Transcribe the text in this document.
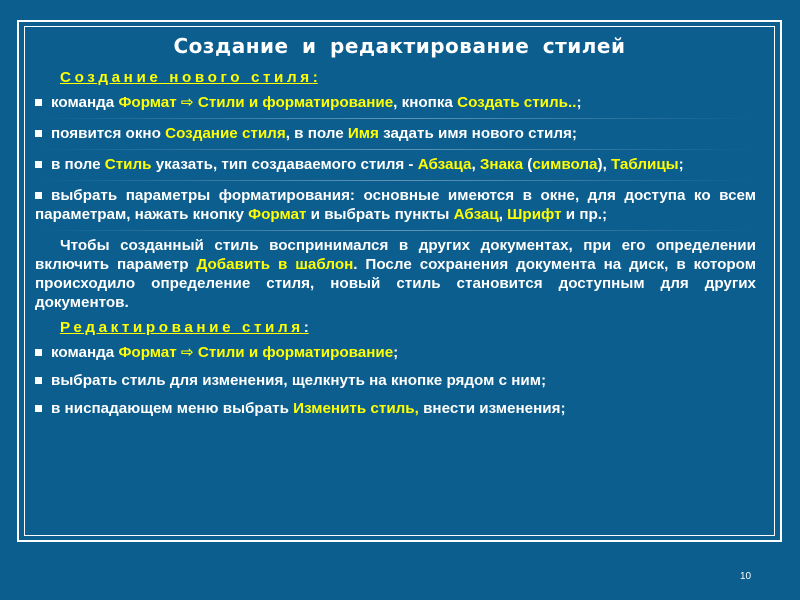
Создание и редактирование стилей
Создание нового стиля:
команда Формат ⇨ Стили и форматирование, кнопка Создать стиль..;
появится окно Создание стиля, в поле Имя задать имя нового стиля;
в поле Стиль указать, тип создаваемого стиля - Абзаца, Знака (символа), Таблицы;
выбрать параметры форматирования: основные имеются в окне, для доступа ко всем параметрам, нажать кнопку Формат и выбрать пункты Абзац, Шрифт и пр.;
Чтобы созданный стиль воспринимался в других документах, при его определении включить параметр Добавить в шаблон. После сохранения документа на диск, в котором происходило определение стиля, новый стиль становится доступным для других документов.
Редактирование стиля:
команда Формат ⇨ Стили и форматирование;
выбрать стиль для изменения, щелкнуть на кнопке рядом с ним;
в ниспадающем меню выбрать Изменить стиль, внести изменения;
10
